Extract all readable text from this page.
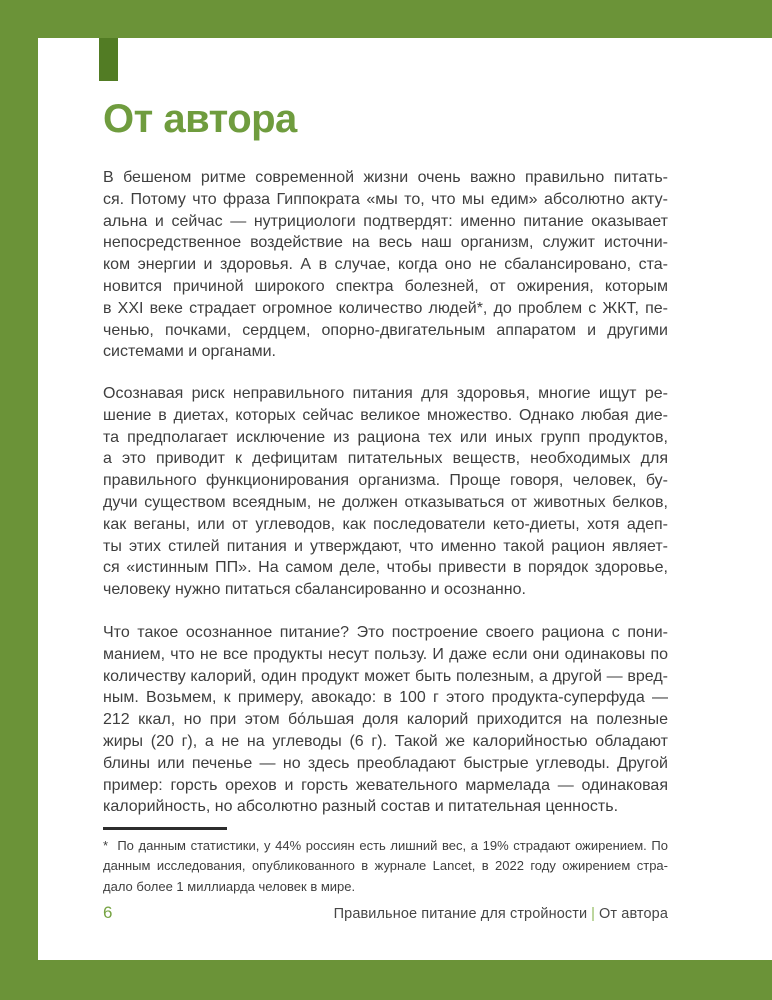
От автора
В бешеном ритме современной жизни очень важно правильно питать-
ся. Потому что фраза Гиппократа «мы то, что мы едим» абсолютно акту-
альна и сейчас — нутрициологи подтвердят: именно питание оказывает
непосредственное воздействие на весь наш организм, служит источни-
ком энергии и здоровья. А в случае, когда оно не сбалансировано, ста-
новится причиной широкого спектра болезней, от ожирения, которым
в XXI веке страдает огромное количество людей*, до проблем с ЖКТ, пе-
ченью, почками, сердцем, опорно-двигательным аппаратом и другими
системами и органами.
Осознавая риск неправильного питания для здоровья, многие ищут ре-
шение в диетах, которых сейчас великое множество. Однако любая дие-
та предполагает исключение из рациона тех или иных групп продуктов,
а это приводит к дефицитам питательных веществ, необходимых для
правильного функционирования организма. Проще говоря, человек, бу-
дучи существом всеядным, не должен отказываться от животных белков,
как веганы, или от углеводов, как последователи кето-диеты, хотя адеп-
ты этих стилей питания и утверждают, что именно такой рацион являет-
ся «истинным ПП». На самом деле, чтобы привести в порядок здоровье,
человеку нужно питаться сбалансированно и осознанно.
Что такое осознанное питание? Это построение своего рациона с пони-
манием, что не все продукты несут пользу. И даже если они одинаковы по
количеству калорий, один продукт может быть полезным, а другой — вред-
ным. Возьмем, к примеру, авокадо: в 100 г этого продукта-суперфуда —
212 ккал, но при этом бо́льшая доля калорий приходится на полезные
жиры (20 г), а не на углеводы (6 г). Такой же калорийностью обладают
блины или печенье — но здесь преобладают быстрые углеводы. Другой
пример: горсть орехов и горсть жевательного мармелада — одинаковая
калорийность, но абсолютно разный состав и питательная ценность.
*  По данным статистики, у 44% россиян есть лишний вес, а 19% страдают ожирением. По
данным исследования, опубликованного в журнале Lancet, в 2022 году ожирением стра-
дало более 1 миллиарда человек в мире.
6	Правильное питание для стройности | От автора
